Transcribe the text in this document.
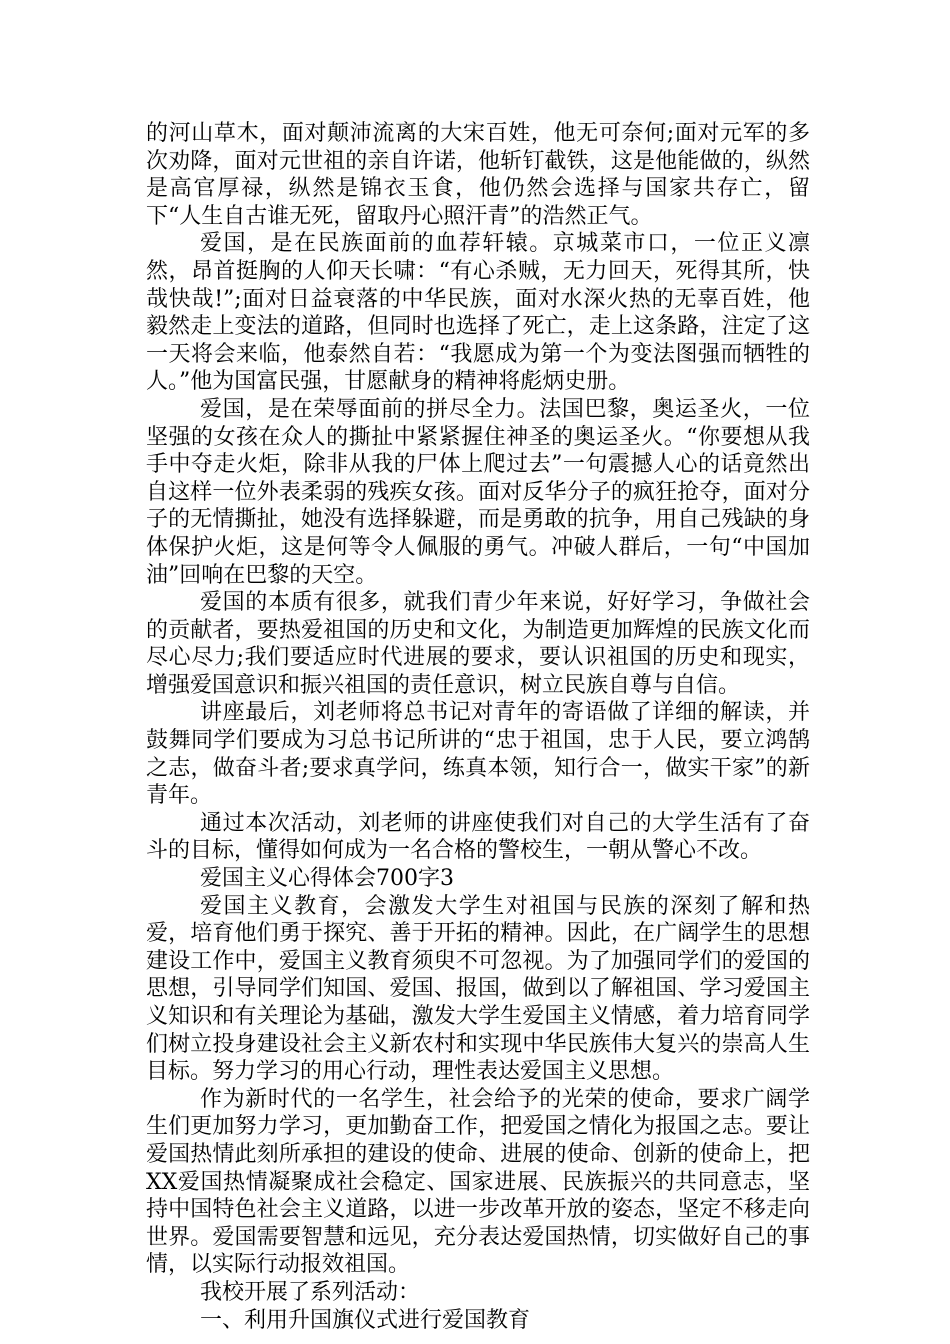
的河山草木，面对颠沛流离的大宋百姓，他无可奈何;面对元军的多次劝降，面对元世祖的亲自许诺，他斩钉截铁，这是他能做的，纵然是高官厚禄，纵然是锦衣玉食，他仍然会选择与国家共存亡，留下“人生自古谁无死，留取丹心照汗青”的浩然正气。

爱国，是在民族面前的血荐轩辕。京城菜市口，一位正义凛然，昂首挺胸的人仰天长啸：“有心杀贼，无力回天，死得其所，快哉快哉!”;面对日益衰落的中华民族，面对水深火热的无辜百姓，他毅然走上变法的道路，但同时也选择了死亡，走上这条路，注定了这一天将会来临，他泰然自若：“我愿成为第一个为变法图强而牺牲的人。”他为国富民强，甘愿献身的精神将彪炳史册。

爱国，是在荣辱面前的拼尽全力。法国巴黎，奥运圣火，一位坚强的女孩在众人的撕扯中紧紧握住神圣的奥运圣火。“你要想从我手中夺走火炬，除非从我的尸体上爬过去”一句震撼人心的话竟然出自这样一位外表柔弱的残疾女孩。面对反华分子的疯狂抢夺，面对分子的无情撕扯，她没有选择躲避，而是勇敢的抗争，用自己残缺的身体保护火炬，这是何等令人佩服的勇气。冲破人群后，一句“中国加油”回响在巴黎的天空。

爱国的本质有很多，就我们青少年来说，好好学习，争做社会的贡献者，要热爱祖国的历史和文化，为制造更加辉煌的民族文化而尽心尽力;我们要适应时代进展的要求，要认识祖国的历史和现实，增强爱国意识和振兴祖国的责任意识，树立民族自尊与自信。

讲座最后，刘老师将总书记对青年的寄语做了详细的解读，并鼓舞同学们要成为习总书记所讲的“忠于祖国，忠于人民，要立鸿鹄之志，做奋斗者;要求真学问，练真本领，知行合一，做实干家”的新青年。

通过本次活动，刘老师的讲座使我们对自己的大学生活有了奋斗的目标，懂得如何成为一名合格的警校生，一朝从警心不改。

爱国主义心得体会700字3

爱国主义教育，会激发大学生对祖国与民族的深刻了解和热爱，培育他们勇于探究、善于开拓的精神。因此，在广阔学生的思想建设工作中，爱国主义教育须臾不可忽视。为了加强同学们的爱国的思想，引导同学们知国、爱国、报国，做到以了解祖国、学习爱国主义知识和有关理论为基础，激发大学生爱国主义情感，着力培育同学们树立投身建设社会主义新农村和实现中华民族伟大复兴的崇高人生目标。努力学习的用心行动，理性表达爱国主义思想。

作为新时代的一名学生，社会给予的光荣的使命，要求广阔学生们更加努力学习，更加勤奋工作，把爱国之情化为报国之志。要让爱国热情此刻所承担的建设的使命、进展的使命、创新的使命上，把XX爱国热情凝聚成社会稳定、国家进展、民族振兴的共同意志，坚持中国特色社会主义道路，以进一步改革开放的姿态，坚定不移走向世界。爱国需要智慧和远见，充分表达爱国热情，切实做好自己的事情，以实际行动报效祖国。

我校开展了系列活动：

一、利用升国旗仪式进行爱国教育
